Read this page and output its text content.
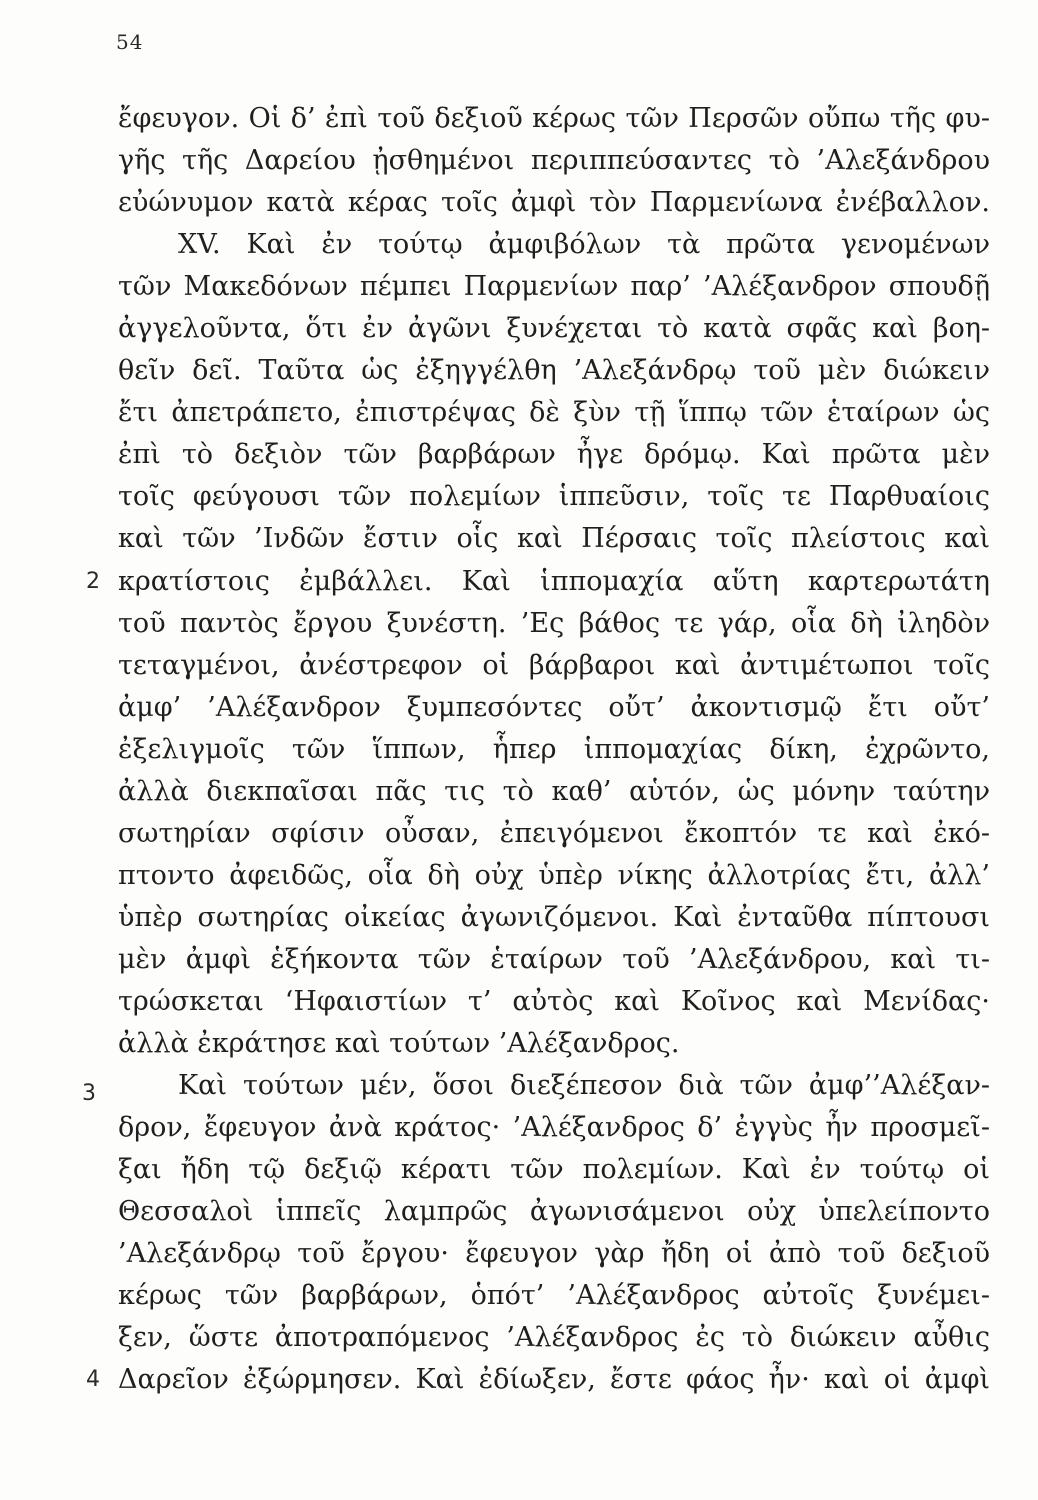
54
ἔφευγον. Οἱ δ’ ἐπὶ τοῦ δεξιοῦ κέρως τῶν Περσῶν οὔπω τῆς φυ-
γῆς τῆς Δαρείου ᾐσθημένοι περιππεύσαντες τὸ ’Αλεξάνδρου
εὐώνυμον κατὰ κέρας τοῖς ἀμφὶ τὸν Παρμενίωνα ἐνέβαλλον.
XV. Καὶ ἐν τούτῳ ἀμφιβόλων τὰ πρῶτα γενομένων
τῶν Μακεδόνων πέμπει Παρμενίων παρ’ ’Αλέξανδρον σπουδῇ
ἀγγελοῦντα, ὅτι ἐν ἀγῶνι ξυνέχεται τὸ κατὰ σφᾶς καὶ βοη-
θεῖν δεῖ. Ταῦτα ὡς ἐξηγγέλθη ’Αλεξάνδρῳ τοῦ μὲν διώκειν
ἔτι ἀπετράπετο, ἐπιστρέψας δὲ ξὺν τῇ ἵππῳ τῶν ἑταίρων ὡς
ἐπὶ τὸ δεξιὸν τῶν βαρβάρων ἦγε δρόμῳ. Καὶ πρῶτα μὲν
τοῖς φεύγουσι τῶν πολεμίων ἱππεῦσιν, τοῖς τε Παρθυαίοις
καὶ τῶν ’Ινδῶν ἔστιν οἷς καὶ Πέρσαις τοῖς πλείστοις καὶ
2 κρατίστοις ἐμβάλλει. Καὶ ἱππομαχία αὕτη καρτερωτάτη
τοῦ παντὸς ἔργου ξυνέστη. ’Ες βάθος τε γάρ, οἷα δὴ ἰληδὸν
τεταγμένοι, ἀνέστρεφον οἱ βάρβαροι καὶ ἀντιμέτωποι τοῖς
ἀμφ’ ’Αλέξανδρον ξυμπεσόντες οὔτ’ ἀκοντισμῷ ἔτι οὔτ’
ἐξελιγμοῖς τῶν ἵππων, ἧπερ ἱππομαχίας δίκη, ἐχρῶντο,
ἀλλὰ διεκπαῖσαι πᾶς τις τὸ καθ’ αὑτόν, ὡς μόνην ταύτην
σωτηρίαν σφίσιν οὖσαν, ἐπειγόμενοι ἔκοπτόν τε καὶ ἐκό-
πτοντο ἀφειδῶς, οἷα δὴ οὐχ ὑπὲρ νίκης ἀλλοτρίας ἔτι, ἀλλ’
ὑπὲρ σωτηρίας οἰκείας ἀγωνιζόμενοι. Καὶ ἐνταῦθα πίπτουσι
μὲν ἀμφὶ ἑξήκοντα τῶν ἑταίρων τοῦ ’Αλεξάνδρου, καὶ τι-
τρώσκεται ‘Ηφαιστίων τ’ αὐτὸς καὶ Κοῖνος καὶ Μενίδας·
ἀλλὰ ἐκράτησε καὶ τούτων ’Αλέξανδρος.
3	Καὶ τούτων μέν, ὅσοι διεξέπεσον διὰ τῶν ἀμφ’’Αλέξαν-
δρον, ἔφευγον ἀνὰ κράτος· ’Αλέξανδρος δ’ ἐγγὺς ἦν προσμεῖ-
ξαι ἤδη τῷ δεξιῷ κέρατι τῶν πολεμίων. Καὶ ἐν τούτῳ οἱ
Θεσσαλοὶ ἱππεῖς λαμπρῶς ἀγωνισάμενοι οὐχ ὑπελείποντο
’Αλεξάνδρῳ τοῦ ἔργου· ἔφευγον γὰρ ἤδη οἱ ἀπὸ τοῦ δεξιοῦ
κέρως τῶν βαρβάρων, ὁπότ’ ’Αλέξανδρος αὐτοῖς ξυνέμει-
ξεν, ὥστε ἀποτραπόμενος ’Αλέξανδρος ἐς τὸ διώκειν αὖθις
4 Δαρεῖον ἐξώρμησεν. Καὶ ἐδίωξεν, ἔστε φάος ἦν· καὶ οἱ ἀμφὶ
